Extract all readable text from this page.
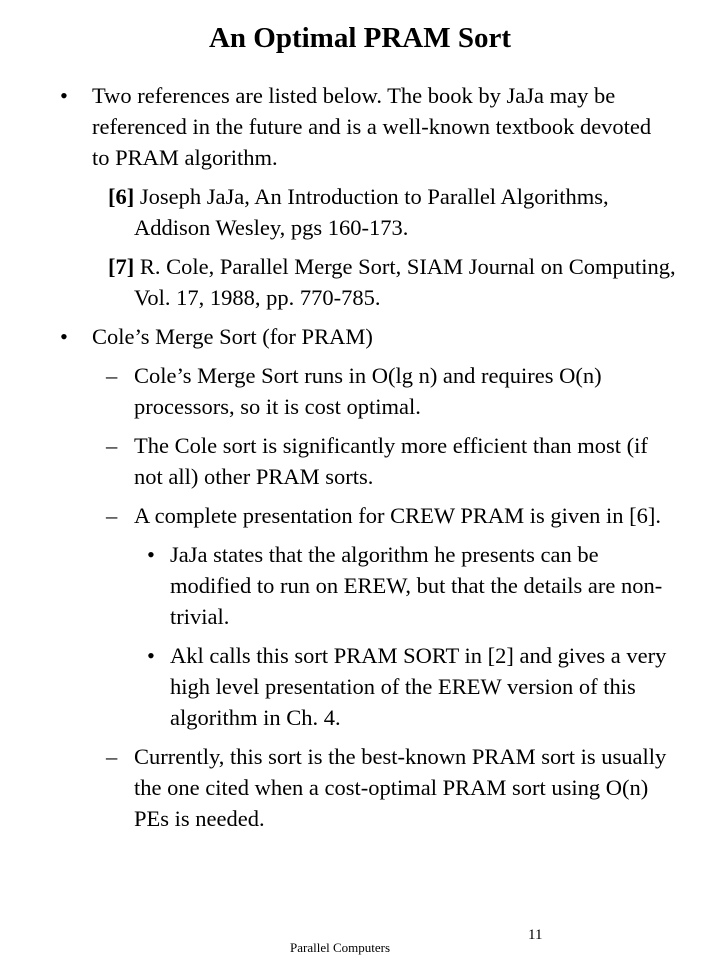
An Optimal PRAM Sort
• Two references are listed below. The book by JaJa may be referenced in the future and is a well-known textbook devoted to PRAM algorithm.
[6] Joseph JaJa, An Introduction to Parallel Algorithms, Addison Wesley, pgs 160-173.
[7] R. Cole, Parallel Merge Sort, SIAM Journal on Computing, Vol. 17, 1988, pp. 770-785.
• Cole’s Merge Sort (for PRAM)
– Cole’s Merge Sort runs in O(lg n) and requires O(n) processors, so it is cost optimal.
– The Cole sort is significantly more efficient than most (if not all) other PRAM sorts.
– A complete presentation for CREW PRAM is given in [6].
• JaJa states that the algorithm he presents can be modified to run on EREW, but that the details are non-trivial.
• Akl calls this sort PRAM SORT in [2] and gives a very high level presentation of the EREW version of this algorithm in Ch. 4.
– Currently, this sort is the best-known PRAM sort is usually the one cited when a cost-optimal PRAM sort using O(n) PEs is needed.
11
Parallel Computers
